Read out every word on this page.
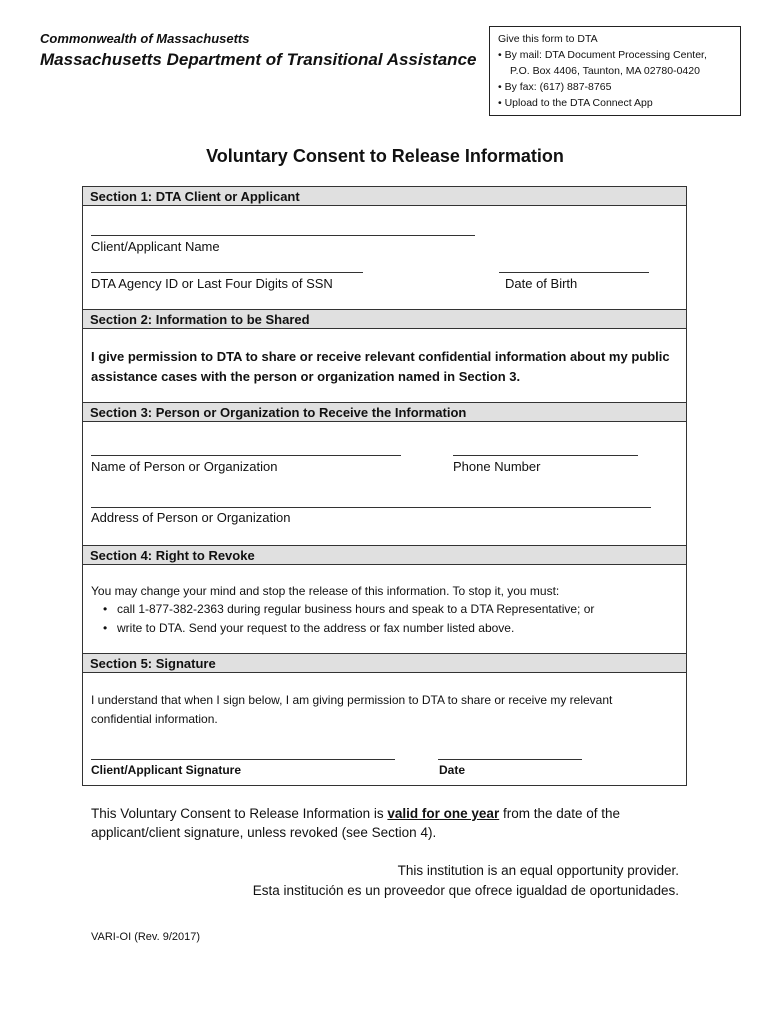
Commonwealth of Massachusetts
Massachusetts Department of Transitional Assistance
Give this form to DTA
• By mail: DTA Document Processing Center,
P.O. Box 4406, Taunton, MA 02780-0420
• By fax: (617) 887-8765
• Upload to the DTA Connect App
Voluntary Consent to Release Information
Section 1: DTA Client or Applicant
Client/Applicant Name
DTA Agency ID or Last Four Digits of SSN	Date of Birth
Section 2: Information to be Shared
I give permission to DTA to share or receive relevant confidential information about my public assistance cases with the person or organization named in Section 3.
Section 3: Person or Organization to Receive the Information
Name of Person or Organization	Phone Number
Address of Person or Organization
Section 4: Right to Revoke
You may change your mind and stop the release of this information. To stop it, you must:
• call 1-877-382-2363 during regular business hours and speak to a DTA Representative; or
• write to DTA. Send your request to the address or fax number listed above.
Section 5: Signature
I understand that when I sign below, I am giving permission to DTA to share or receive my relevant confidential information.
Client/Applicant Signature	Date
This Voluntary Consent to Release Information is valid for one year from the date of the applicant/client signature, unless revoked (see Section 4).
This institution is an equal opportunity provider.
Esta institución es un proveedor que ofrece igualdad de oportunidades.
VARI-OI (Rev. 9/2017)
